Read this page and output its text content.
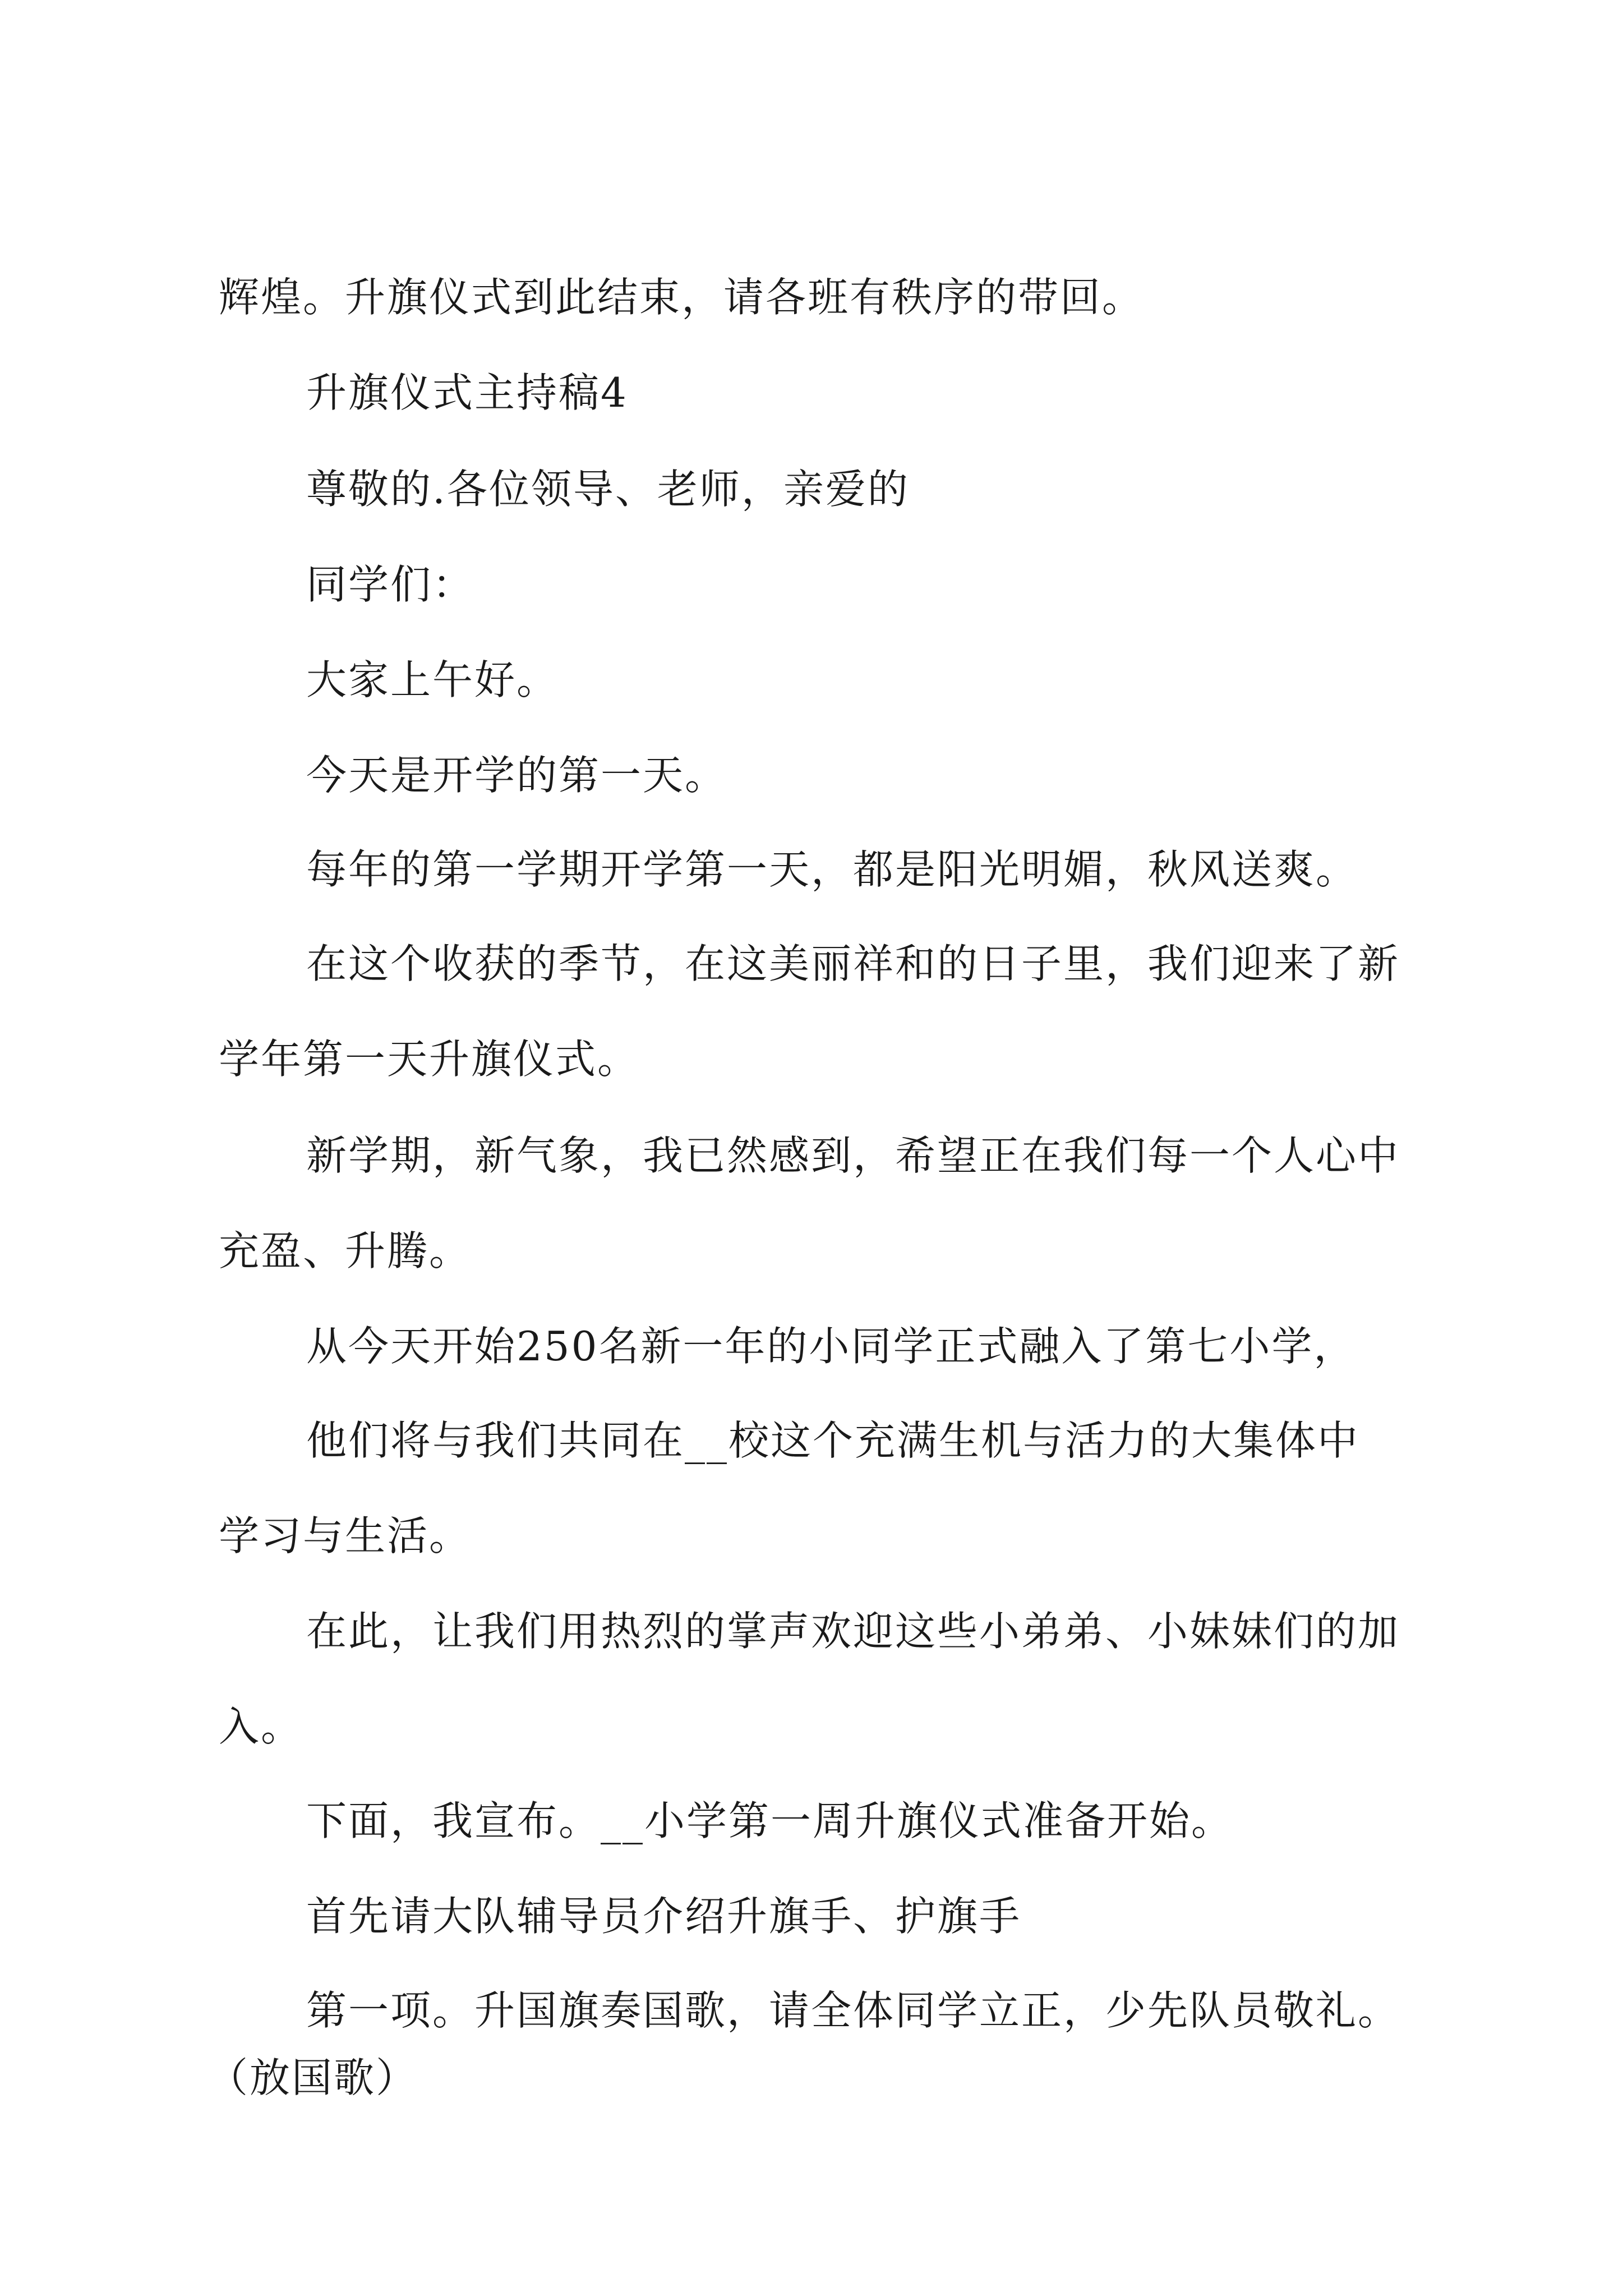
辉煌。升旗仪式到此结束，请各班有秩序的带回。

升旗仪式主持稿4

尊敬的.各位领导、老师，亲爱的

同学们：

大家上午好。

今天是开学的第一天。

每年的第一学期开学第一天，都是阳光明媚，秋风送爽。

在这个收获的季节，在这美丽祥和的日子里，我们迎来了新

学年第一天升旗仪式。

新学期，新气象，我已然感到，希望正在我们每一个人心中

充盈、升腾。

从今天开始250名新一年的小同学正式融入了第七小学，

他们将与我们共同在__校这个充满生机与活力的大集体中

学习与生活。

在此，让我们用热烈的掌声欢迎这些小弟弟、小妹妹们的加

入。

下面，我宣布。__小学第一周升旗仪式准备开始。

首先请大队辅导员介绍升旗手、护旗手

第一项。升国旗奏国歌，请全体同学立正，少先队员敬礼。

（放国歌）
